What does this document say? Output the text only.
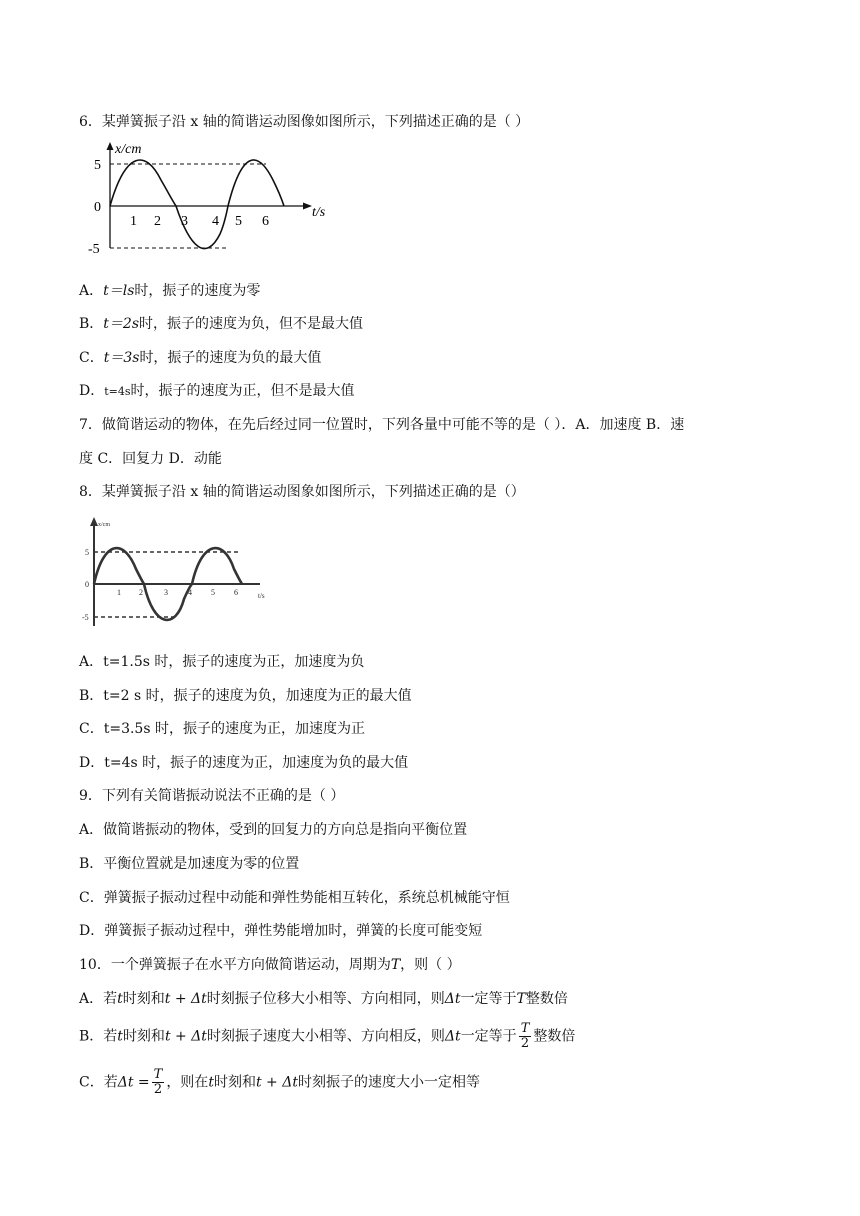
6．某弹簧振子沿 x 轴的简谐运动图像如图所示，下列描述正确的是（ ）
x/cm
t/s
5
0
-5
1 2 3 4 5 6
A．t＝ls时，振子的速度为零
B．t＝2s时，振子的速度为负，但不是最大值
C．t＝3s时，振子的速度为负的最大值
D．t=4s时，振子的速度为正，但不是最大值
7．做简谐运动的物体，在先后经过同一位置时，下列各量中可能不等的是（ ）．A．加速度 B．速
度 C．回复力 D．动能
8．某弹簧振子沿 x 轴的简谐运动图象如图所示，下列描述正确的是（）
x/cm
t/s
5
0
-5
1 2	3	4 5 6
A．t=1.5s 时，振子的速度为正，加速度为负
B．t=2 s 时，振子的速度为负，加速度为正的最大值
C．t=3.5s 时，振子的速度为正，加速度为正
D．t=4s 时，振子的速度为正，加速度为负的最大值
9．下列有关简谐振动说法不正确的是（ ）
A．做简谐振动的物体，受到的回复力的方向总是指向平衡位置
B．平衡位置就是加速度为零的位置
C．弹簧振子振动过程中动能和弹性势能相互转化，系统总机械能守恒
D．弹簧振子振动过程中，弹性势能增加时，弹簧的长度可能变短
10．一个弹簧振子在水平方向做简谐运动，周期为T，则（ ）
A．若t时刻和t + Δt时刻振子位移大小相等、方向相同，则Δt一定等于T整数倍
B．若t时刻和t + Δt时刻振子速度大小相等、方向相反，则Δt一定等于 $\frac{T}{2}$ 整数倍
C．若$\Delta t = \frac{T}{2}$ ，则在t时刻和t + Δt时刻振子的速度大小一定相等
